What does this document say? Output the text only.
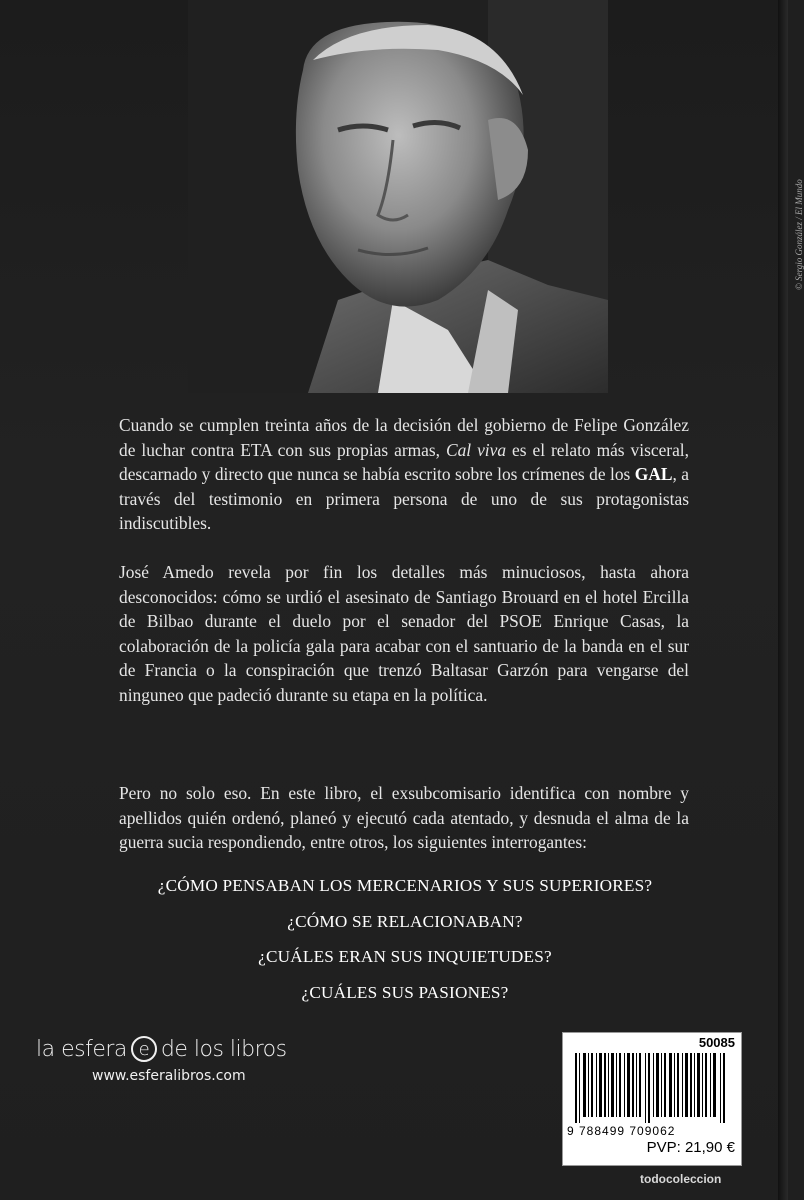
© Sergio González / El Mundo
Cuando se cumplen treinta años de la decisión del gobierno de Felipe González de luchar contra ETA con sus propias armas, Cal viva es el relato más visceral, descarnado y directo que nunca se había escrito sobre los crímenes de los GAL, a través del testimonio en primera persona de uno de sus protagonistas indiscutibles.
José Amedo revela por fin los detalles más minuciosos, hasta ahora desconocidos: cómo se urdió el asesinato de Santiago Brouard en el hotel Ercilla de Bilbao durante el duelo por el senador del PSOE Enrique Casas, la colaboración de la policía gala para acabar con el santuario de la banda en el sur de Francia o la conspiración que trenzó Baltasar Garzón para vengarse del ninguneo que padeció durante su etapa en la política.
Pero no solo eso. En este libro, el exsubcomisario identifica con nombre y apellidos quién ordenó, planeó y ejecutó cada atentado, y desnuda el alma de la guerra sucia respondiendo, entre otros, los siguientes interrogantes:
¿CÓMO PENSABAN LOS MERCENARIOS Y SUS SUPERIORES?
¿CÓMO SE RELACIONABAN?
¿CUÁLES ERAN SUS INQUIETUDES?
¿CUÁLES SUS PASIONES?
la esfera e de los libros
www.esferalibros.com
50085
9 788499 709062
PVP: 21,90 €
todocoleccion
